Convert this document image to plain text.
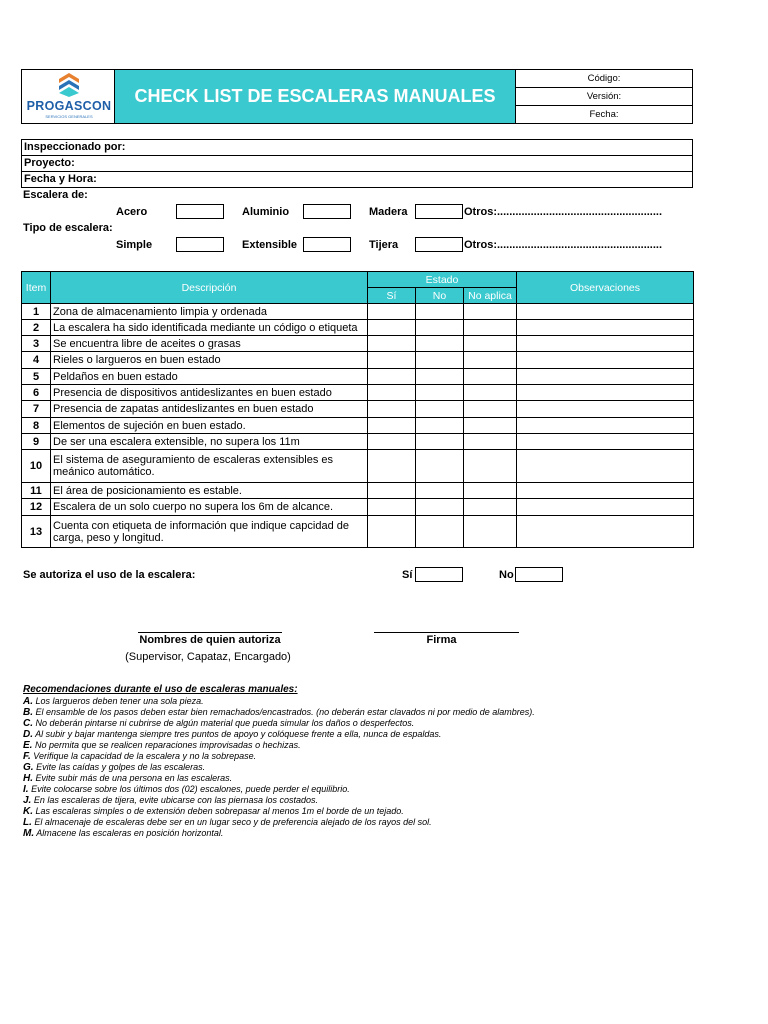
PROGASCON
SERVICIOS GENERALES
CHECK LIST DE ESCALERAS MANUALES
Código:
Versión:
Fecha:
Inspeccionado por:
Proyecto:
Fecha y Hora:
Escalera de:
Acero	Aluminio	Madera	Otros:......................................................
Tipo de escalera:
Simple	Extensible	Tijera	Otros:......................................................
Item	Descripción	Estado			Observaciones
		Sí	No	No aplica	
1	Zona de almacenamiento limpia y ordenada				
2	La escalera ha sido identificada mediante un código o etiqueta				
3	Se encuentra libre de aceites o grasas				
4	Rieles o largueros en buen estado				
5	Peldaños en buen estado				
6	Presencia de dispositivos antideslizantes en buen estado				
7	Presencia de zapatas antideslizantes en buen estado				
8	Elementos de sujeción en buen estado.				
9	De ser una escalera extensible, no supera los 11m				
10	El sistema de aseguramiento de escaleras extensibles es meánico automático.				
11	El área de posicionamiento es estable.				
12	Escalera de un solo cuerpo no supera los 6m de alcance.				
13	Cuenta con etiqueta de información que indique capcidad de carga, peso y longitud.				
Se autoriza el uso de la escalera:	Sí	No
Nombres de quien autoriza
(Supervisor, Capataz, Encargado)
Firma
Recomendaciones durante el uso de escaleras manuales:
A. Los largueros deben tener una sola pieza.
B. El ensamble de los pasos deben estar bien remachados/encastrados. (no deberán estar clavados ni por medio de alambres).
C. No deberán pintarse ni cubrirse de algún material que pueda simular los daños o desperfectos.
D. Al subir y bajar mantenga siempre tres puntos de apoyo y colóquese frente a ella, nunca de espaldas.
E. No permita que se realicen reparaciones improvisadas o hechizas.
F. Verifique la capacidad de la escalera y no la sobrepase.
G. Evite las caídas y golpes de las escaleras.
H. Evite subir más de una persona en las escaleras.
I. Evite colocarse sobre los últimos dos (02) escalones, puede perder el equilibrio.
J. En las escaleras de tijera, evite ubicarse con las piernasa los costados.
K. Las escaleras simples o de extensión deben sobrepasar al menos 1m el borde de un tejado.
L. El almacenaje de escaleras debe ser en un lugar seco y de preferencia alejado de los rayos del sol.
M. Almacene las escaleras en posición horizontal.
